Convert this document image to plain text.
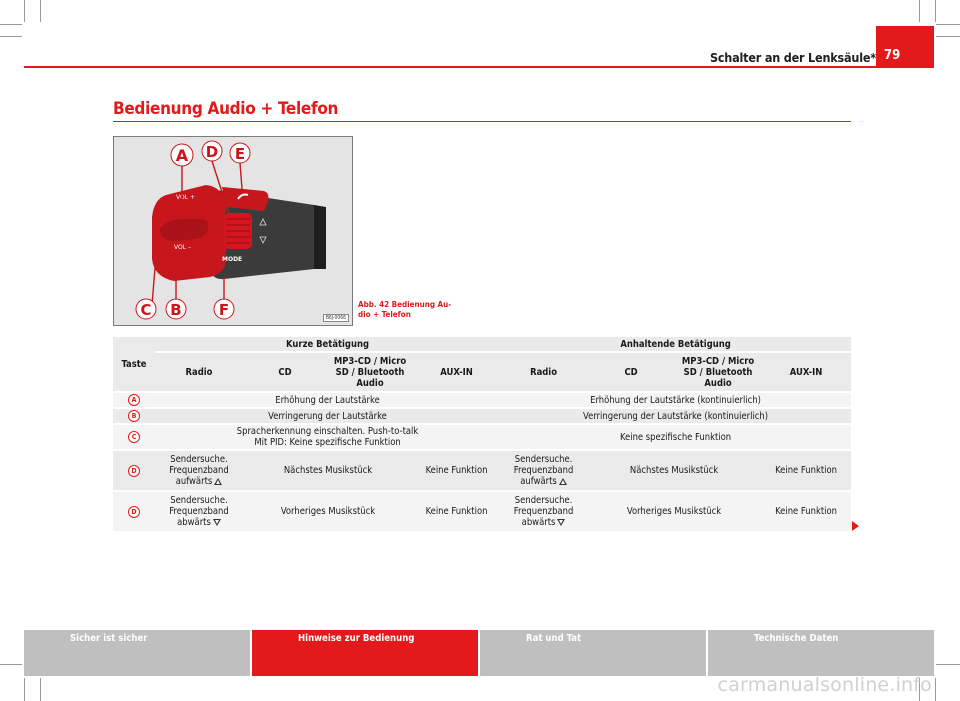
Schalter an der Lenksäule* 79
Bedienung Audio + Telefon
VOL +
VOL –
MODE
A D E
C B F	B6J-0066
Abb. 42 Bedienung Au-
dio + Telefon
Taste	Kurze Betätigung				Anhaltende Betätigung			
	Radio	CD	MP3-CD / Micro SD / Bluetooth Audio	AUX-IN	Radio	CD	MP3-CD / Micro SD / Bluetooth Audio	AUX-IN
A	Erhöhung der Lautstärke				Erhöhung der Lautstärke (kontinuierlich)			
B	Verringerung der Lautstärke				Verringerung der Lautstärke (kontinuierlich)			
C	Spracherkennung einschalten. Push-to-talk
Mit PID: Keine spezifische Funktion				Keine spezifische Funktion			
D	Sendersuche. Frequenzband aufwärts	Nächstes Musikstück		Keine Funktion	Sendersuche. Frequenzband aufwärts	Nächstes Musikstück		Keine Funktion
D	Sendersuche. Frequenzband abwärts	Vorheriges Musikstück		Keine Funktion	Sendersuche. Frequenzband abwärts	Vorheriges Musikstück		Keine Funktion
Sicher ist sicher	Hinweise zur Bedienung	Rat und Tat	Technische Daten
carmanualsonline.info
